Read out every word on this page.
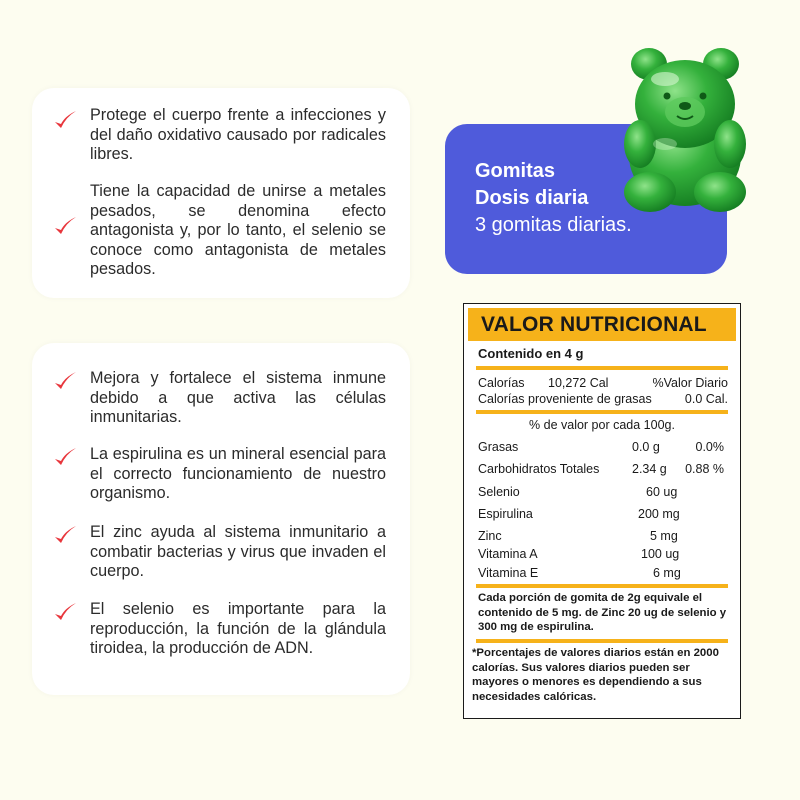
Protege el cuerpo frente a infecciones y del daño oxidativo causado por radicales libres.
Tiene la capacidad de unirse a metales pesados, se denomina efecto antagonista y, por lo tanto, el selenio se conoce como antagonista de metales pesados.
Mejora y fortalece el sistema inmune debido a que activa las células inmunitarias.
La espirulina es un mineral esencial para el correcto funcionamiento de nuestro organismo.
El zinc ayuda al sistema inmunitario a combatir bacterias y virus que invaden el cuerpo.
El selenio es importante para la reproducción, la función de la glándula tiroidea, la producción de ADN.
Gomitas
Dosis diaria
3 gomitas diarias.
VALOR NUTRICIONAL
Contenido en 4 g
Calorías 10,272 Cal	%Valor Diario
Calorías proveniente de grasas	0.0 Cal.
% de valor por cada 100g.
Grasas	0.0 g	0.0%
Carbohidratos Totales	2.34 g 0.88 %
Selenio	60 ug
Espirulina	200 mg
Zinc	5 mg
Vitamina A	100 ug
Vitamina E	6 mg
Cada porción de gomita de 2g equivale el contenido de 5 mg. de Zinc 20 ug de selenio y 300 mg de espirulina.
*Porcentajes de valores diarios están en 2000 calorías. Sus valores diarios pueden ser mayores o menores es dependiendo a sus necesidades calóricas.
